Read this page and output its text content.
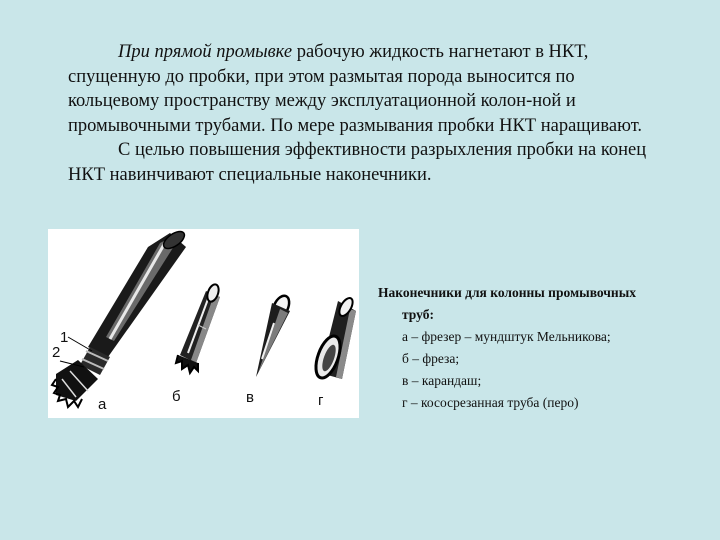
При прямой промывке рабочую жидкость нагнетают в НКТ, спущенную до пробки, при этом размытая порода выносится по кольцевому пространству между эксплуатационной колон-ной и промывочными трубами. По мере размывания пробки НКТ наращивают.

С целью повышения эффективности разрыхления пробки на конец НКТ навинчивают специальные наконечники.

1
2
а	б	в	г

Наконечники для колонны промывочных
труб:

а – фрезер – мундштук Мельникова;

б – фреза;

в – карандаш;

г – кососрезанная труба (перо)
